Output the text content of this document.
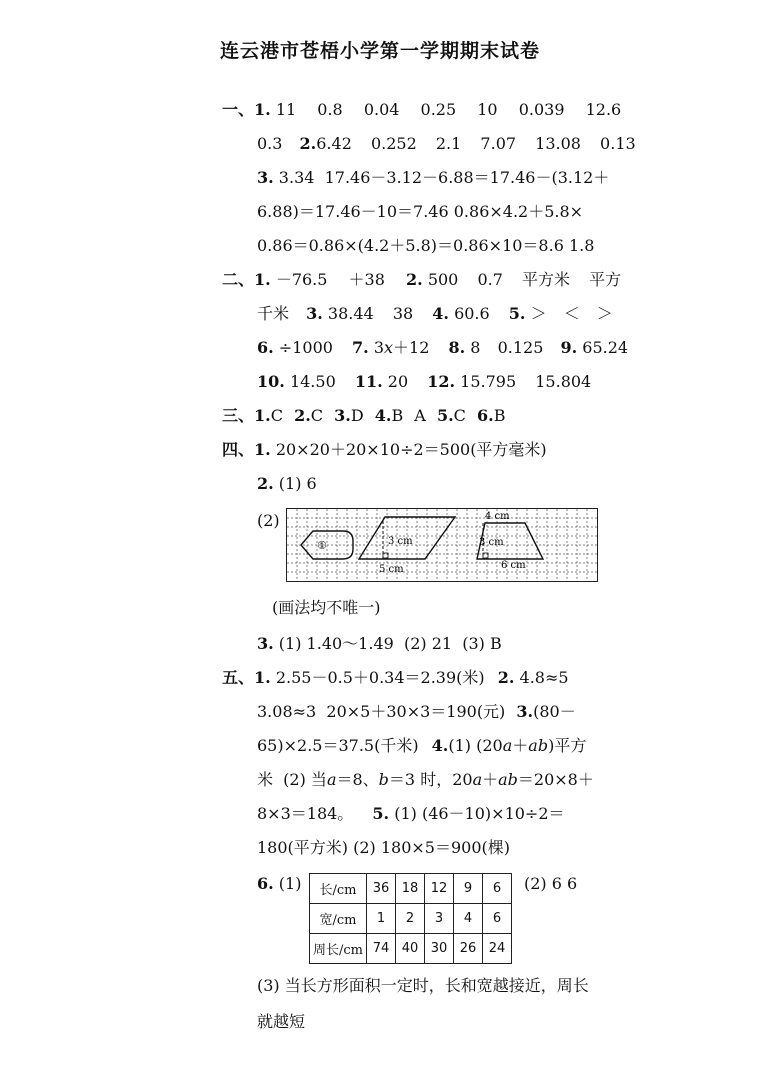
连云港市苍梧小学第一学期期末试卷
一、1. 11 0.8 0.04 0.25 10 0.039 12.6
0.3 2.6.42 0.252 2.1 7.07 13.08 0.13
3. 3.34  17.46－3.12－6.88＝17.46－(3.12＋
6.88)＝17.46－10＝7.46 0.86×4.2＋5.8×
0.86＝0.86×(4.2＋5.8)＝0.86×10＝8.6 1.8
二、1. －76.5 ＋38 2. 500 0.7 平方米 平方
千米 3. 38.44 38 4. 60.6 5. ＞ ＜ ＞
6. ÷1000 7. 3x＋12 8. 8 0.125 9. 65.24
10. 14.50 11. 20 12. 15.795 15.804
三、1.C 2.C 3.D 4.B A 5.C 6.B
四、1. 20×20＋20×10÷2＝500(平方毫米)
2. (1) 6
(2)
①	3 cm
5 cm
4 cm
3 cm
6 cm
(画法均不唯一)
3. (1) 1.40～1.49  (2) 21  (3) B
五、1. 2.55－0.5＋0.34＝2.39(米) 2. 4.8≈5
3.08≈3  20×5＋30×3＝190(元) 3.(80－
65)×2.5＝37.5(千米) 4.(1) (20a＋ab)平方
米  (2) 当a＝8、b＝3 时，20a＋ab＝20×8＋
8×3＝184。 5. (1) (46－10)×10÷2＝
180(平方米) (2) 180×5＝900(棵)
6. (1) 长/cm	36	18	12	9	6
宽/cm	1	2	3	4	6
周长/cm	74	40	30	26	24
(2) 6 6
(3) 当长方形面积一定时，长和宽越接近，周长
就越短
